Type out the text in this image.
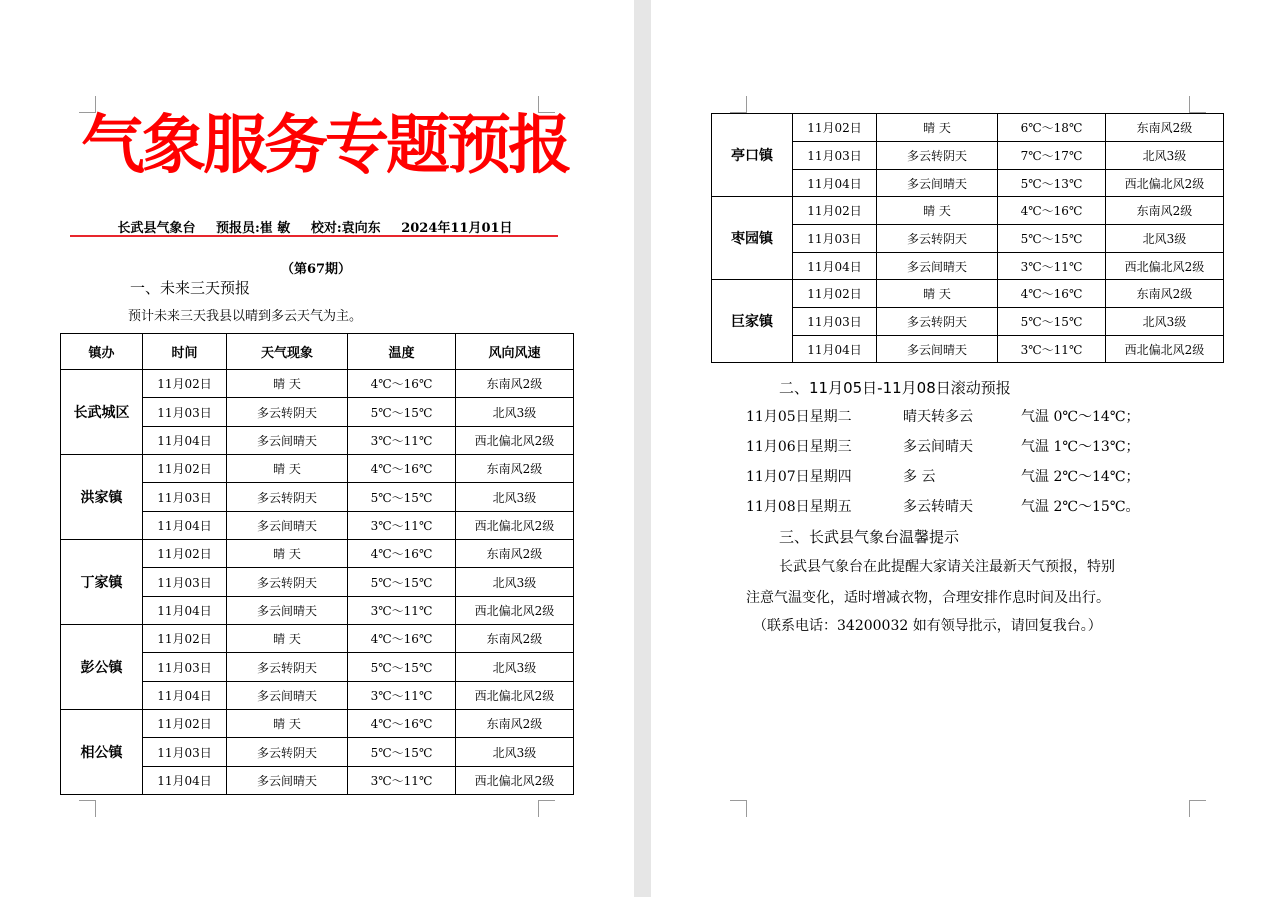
气象服务专题预报
长武县气象台 预报员:崔 敏 校对:袁向东 2024年11月01日
（第67期）
一、未来三天预报
预计未来三天我县以晴到多云天气为主。
镇办	时间	天气现象	温度	风向风速
长武城区	11月02日	晴 天	4℃～16℃	东南风2级
	11月03日	多云转阴天	5℃～15℃	北风3级
	11月04日	多云间晴天	3℃～11℃	西北偏北风2级
洪家镇	11月02日	晴 天	4℃～16℃	东南风2级
	11月03日	多云转阴天	5℃～15℃	北风3级
	11月04日	多云间晴天	3℃～11℃	西北偏北风2级
丁家镇	11月02日	晴 天	4℃～16℃	东南风2级
	11月03日	多云转阴天	5℃～15℃	北风3级
	11月04日	多云间晴天	3℃～11℃	西北偏北风2级
彭公镇	11月02日	晴 天	4℃～16℃	东南风2级
	11月03日	多云转阴天	5℃～15℃	北风3级
	11月04日	多云间晴天	3℃～11℃	西北偏北风2级
相公镇	11月02日	晴 天	4℃～16℃	东南风2级
	11月03日	多云转阴天	5℃～15℃	北风3级
	11月04日	多云间晴天	3℃～11℃	西北偏北风2级
亭口镇	11月02日	晴 天	6℃～18℃	东南风2级
	11月03日	多云转阴天	7℃～17℃	北风3级
	11月04日	多云间晴天	5℃～13℃	西北偏北风2级
枣园镇	11月02日	晴 天	4℃～16℃	东南风2级
	11月03日	多云转阴天	5℃～15℃	北风3级
	11月04日	多云间晴天	3℃～11℃	西北偏北风2级
巨家镇	11月02日	晴 天	4℃～16℃	东南风2级
	11月03日	多云转阴天	5℃～15℃	北风3级
	11月04日	多云间晴天	3℃～11℃	西北偏北风2级
二、11月05日-11月08日滚动预报
11月05日星期二	晴天转多云	气温 0℃～14℃；
11月06日星期三	多云间晴天	气温 1℃～13℃；
11月07日星期四	多 云	气温 2℃～14℃；
11月08日星期五	多云转晴天	气温 2℃～15℃。
三、长武县气象台温馨提示
长武县气象台在此提醒大家请关注最新天气预报，特别
注意气温变化，适时增减衣物，合理安排作息时间及出行。
（联系电话：34200032 如有领导批示，请回复我台。）
